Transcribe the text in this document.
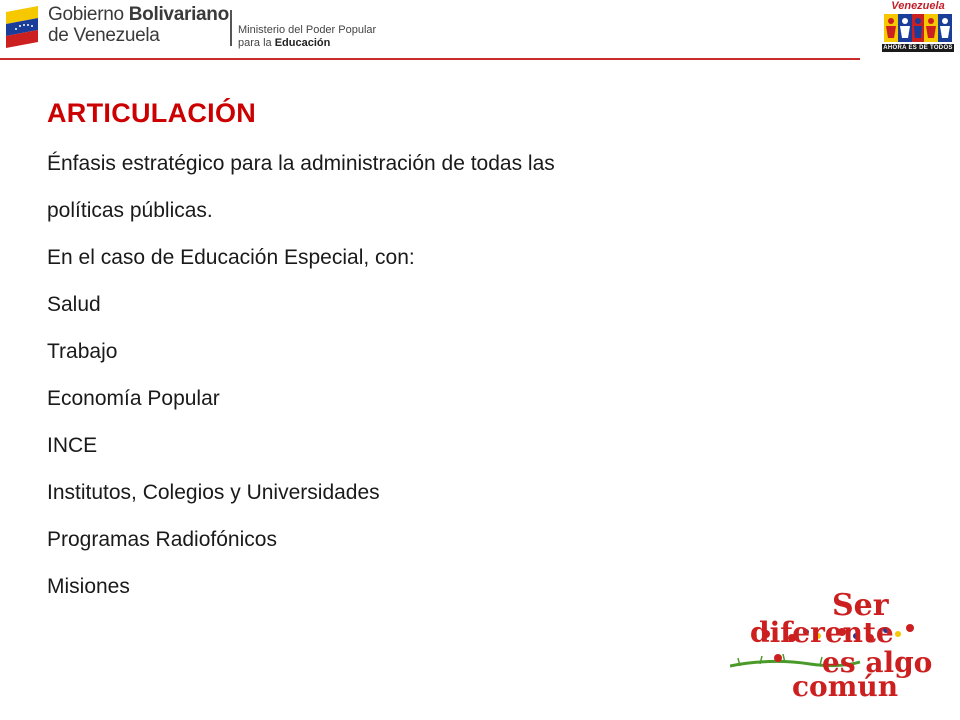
Gobierno Bolivariano
de Venezuela	Ministerio del Poder Popular
para la Educación
Venezuela
AHORA ES DE TODOS
ARTICULACIÓN
Énfasis estratégico para la administración de todas las
políticas públicas.
En el caso de Educación Especial, con:
Salud
Trabajo
Economía Popular
INCE
Institutos, Colegios y Universidades
Programas Radiofónicos
Misiones
Ser
diferente
es algo
común
